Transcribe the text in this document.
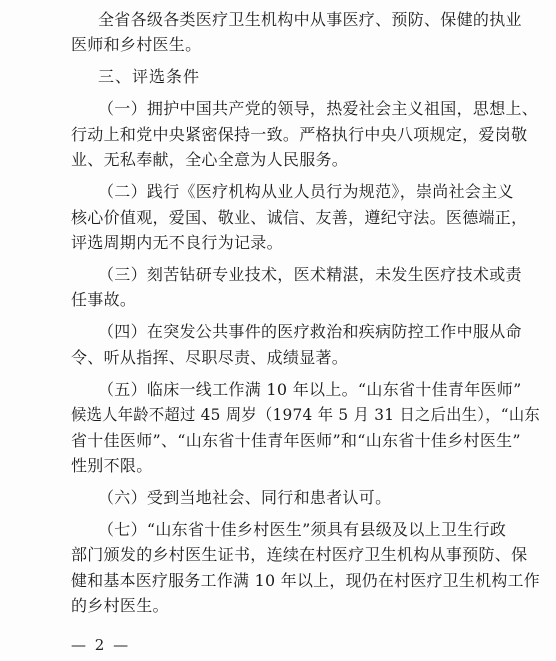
全省各级各类医疗卫生机构中从事医疗、预防、保健的执业
医师和乡村医生。
三、评选条件
（一）拥护中国共产党的领导，热爱社会主义祖国，思想上、
行动上和党中央紧密保持一致。严格执行中央八项规定，爱岗敬
业、无私奉献，全心全意为人民服务。
（二）践行《医疗机构从业人员行为规范》，崇尚社会主义
核心价值观，爱国、敬业、诚信、友善，遵纪守法。医德端正，
评选周期内无不良行为记录。
（三）刻苦钻研专业技术，医术精湛，未发生医疗技术或责
任事故。
（四）在突发公共事件的医疗救治和疾病防控工作中服从命
令、听从指挥、尽职尽责、成绩显著。
（五）临床一线工作满 10 年以上。“山东省十佳青年医师”
候选人年龄不超过 45 周岁（1974 年 5 月 31 日之后出生），“山东
省十佳医师”、“山东省十佳青年医师”和“山东省十佳乡村医生”
性别不限。
（六）受到当地社会、同行和患者认可。
（七）“山东省十佳乡村医生”须具有县级及以上卫生行政
部门颁发的乡村医生证书，连续在村医疗卫生机构从事预防、保
健和基本医疗服务工作满 10 年以上，现仍在村医疗卫生机构工作
的乡村医生。
— 2 —
